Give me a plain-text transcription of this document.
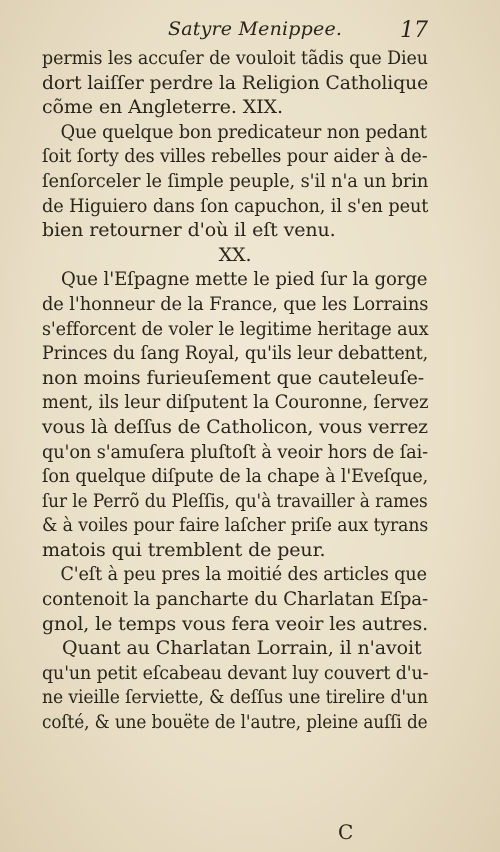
Satyre Menippee.	17
permis les accuſer de vouloit tãdis que Dieu
dort laiſſer perdre la Religion Catholique
cõme en Angleterre. XIX.
Que quelque bon predicateur non pedant
ſoit ſorty des villes rebelles pour aider à de-
ſenſorceler le ſimple peuple, s'il n'a un brin
de Higuiero dans ſon capuchon, il s'en peut
bien retourner d'où il eſt venu.
XX.
Que l'Eſpagne mette le pied ſur la gorge
de l'honneur de la France, que les Lorrains
s'efforcent de voler le legitime heritage aux
Princes du ſang Royal, qu'ils leur debattent,
non moins furieuſement que cauteleuſe-
ment, ils leur diſputent la Couronne, ſervez
vous là deſſus de Catholicon, vous verrez
qu'on s'amuſera pluſtoſt à veoir hors de ſai-
ſon quelque diſpute de la chape à l'Eveſque,
ſur le Perrõ du Pleſſis, qu'à travailler à rames
& à voiles pour faire laſcher priſe aux tyrans
matois qui tremblent de peur.
C'eſt à peu pres la moitié des articles que
contenoit la pancharte du Charlatan Eſpa-
gnol, le temps vous fera veoir les autres.
Quant au Charlatan Lorrain, il n'avoit
qu'un petit eſcabeau devant luy couvert d'u-
ne vieille ſerviette, & deſſus une tirelire d'un
coſté, & une bouëte de l'autre, pleine auſſi de
C
